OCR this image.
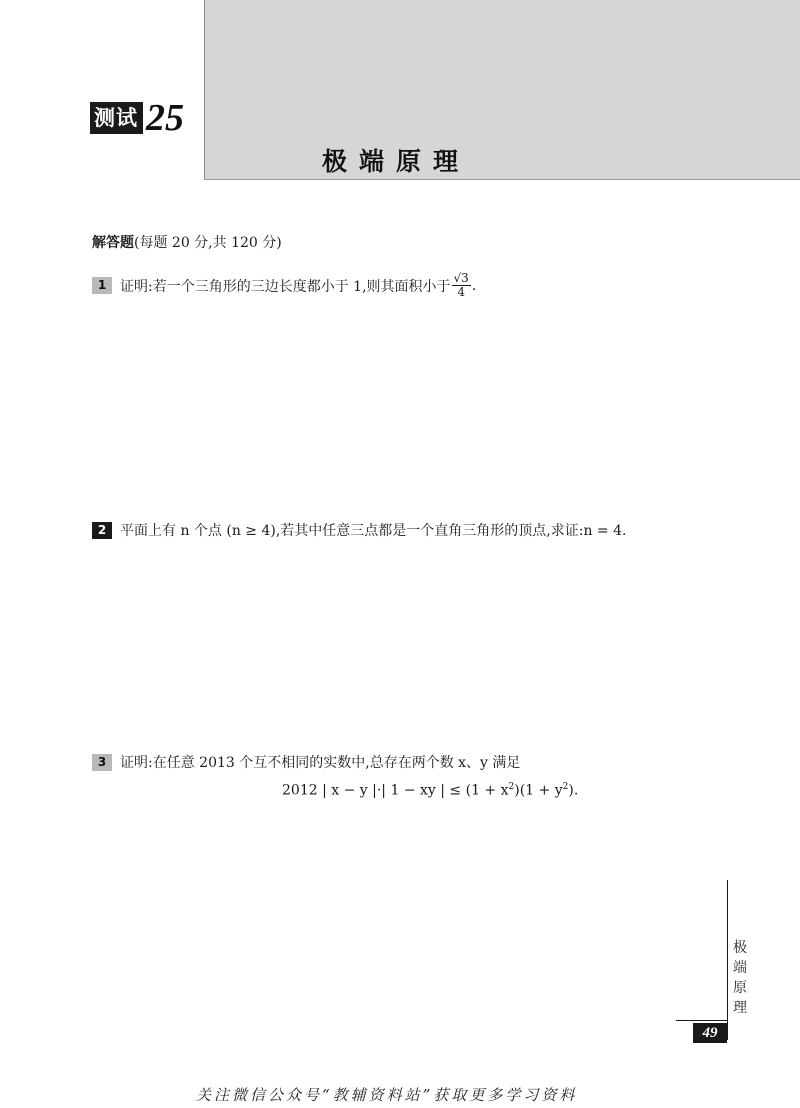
测试 25
极端原理
解答题(每题 20 分,共 120 分)
1 证明:若一个三角形的三边长度都小于 1,则其面积小于 $\frac{√3}{4}$ .
2 平面上有 n 个点 (n ≥ 4),若其中任意三点都是一个直角三角形的顶点,求证:n = 4.
3 证明:在任意 2013 个互不相同的实数中,总存在两个数 x、y 满足
2012 | x − y |·| 1 − xy | ≤ $(1 + x^2)(1 + y^2)$.
极
端
原
理
49
关注微信公众号“教辅资料站”获取更多学习资料
